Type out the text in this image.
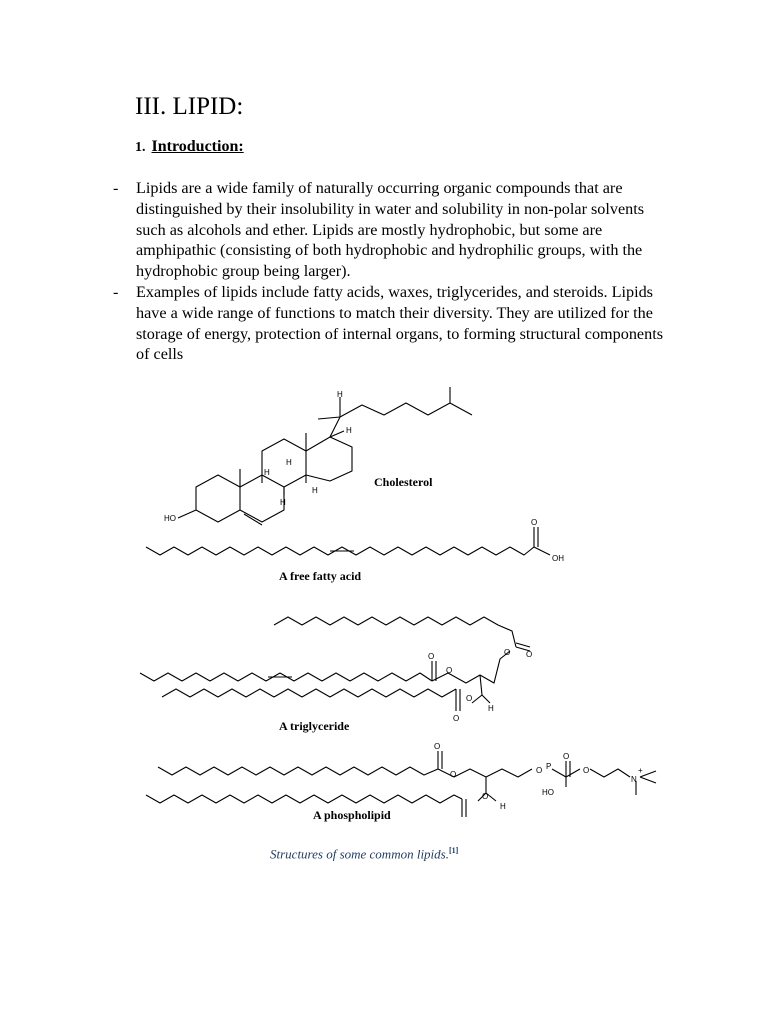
III. LIPID:
1. Introduction:
- Lipids are a wide family of naturally occurring organic compounds that are distinguished by their insolubility in water and solubility in non-polar solvents such as alcohols and ether. Lipids are mostly hydrophobic, but some are amphipathic (consisting of both hydrophobic and hydrophilic groups, with the hydrophobic group being larger).
- Examples of lipids include fatty acids, waxes, triglycerides, and steroids. Lipids have a wide range of functions to match their diversity. They are utilized for the storage of energy, protection of internal organs, to forming structural components of cells
HO
H
H
H
H
H
H
Cholesterol
O
OH
A free fatty acid
O
O
O O
O
O
H
A triglyceride
O
O	O
O
O
O
P
HO
H
N
+
A phospholipid
Structures of some common lipids.[1]
